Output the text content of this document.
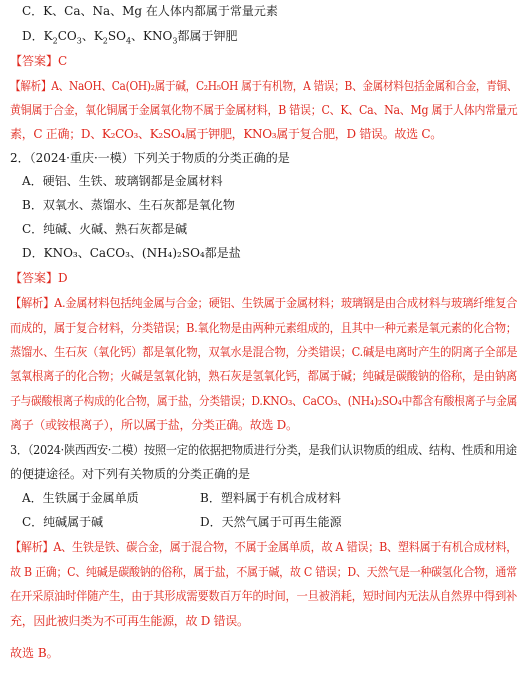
C．K、Ca、Na、Mg 在人体内都属于常量元素
D．$K_2CO_3$、$K_2SO_4$、$KNO_3$都属于钾肥
【答案】C
【解析】A、NaOH、Ca(OH)₂属于碱，C₂H₅OH 属于有机物，A 错误；B、金属材料包括金属和合金，青铜、
黄铜属于合金，氧化铜属于金属氧化物不属于金属材料，B 错误；C、K、Ca、Na、Mg 属于人体内常量元
素，C 正确；D、K₂CO₃、K₂SO₄属于钾肥，KNO₃属于复合肥，D 错误。故选 C。
2．（2024·重庆·一模）下列关于物质的分类正确的是
A．硬铝、生铁、玻璃钢都是金属材料
B．双氧水、蒸馏水、生石灰都是氧化物
C．纯碱、火碱、熟石灰都是碱
D．KNO₃、CaCO₃、(NH₄)₂SO₄都是盐
【答案】D
【解析】A.金属材料包括纯金属与合金；硬铝、生铁属于金属材料；玻璃钢是由合成材料与玻璃纤维复合
而成的，属于复合材料，分类错误；B.氧化物是由两种元素组成的，且其中一种元素是氧元素的化合物；
蒸馏水、生石灰（氧化钙）都是氧化物，双氧水是混合物，分类错误；C.碱是电离时产生的阴离子全部是
氢氧根离子的化合物；火碱是氢氧化钠，熟石灰是氢氧化钙，都属于碱；纯碱是碳酸钠的俗称，是由钠离
子与碳酸根离子构成的化合物，属于盐，分类错误；D.KNO₃、CaCO₃、(NH₄)₂SO₄中都含有酸根离子与金属
离子（或铵根离子），所以属于盐，分类正确。故选 D。
3．（2024·陕西西安·二模）按照一定的依据把物质进行分类，是我们认识物质的组成、结构、性质和用途
的便捷途径。对下列有关物质的分类正确的是
A．生铁属于金属单质	B．塑料属于有机合成材料
C．纯碱属于碱	D．天然气属于可再生能源
【解析】A、生铁是铁、碳合金，属于混合物，不属于金属单质，故 A 错误；B、塑料属于有机合成材料，
故 B 正确；C、纯碱是碳酸钠的俗称，属于盐，不属于碱，故 C 错误；D、天然气是一种碳氢化合物，通常
在开采原油时伴随产生，由于其形成需要数百万年的时间，一旦被消耗，短时间内无法从自然界中得到补
充，因此被归类为不可再生能源，故 D 错误。
故选 B。
